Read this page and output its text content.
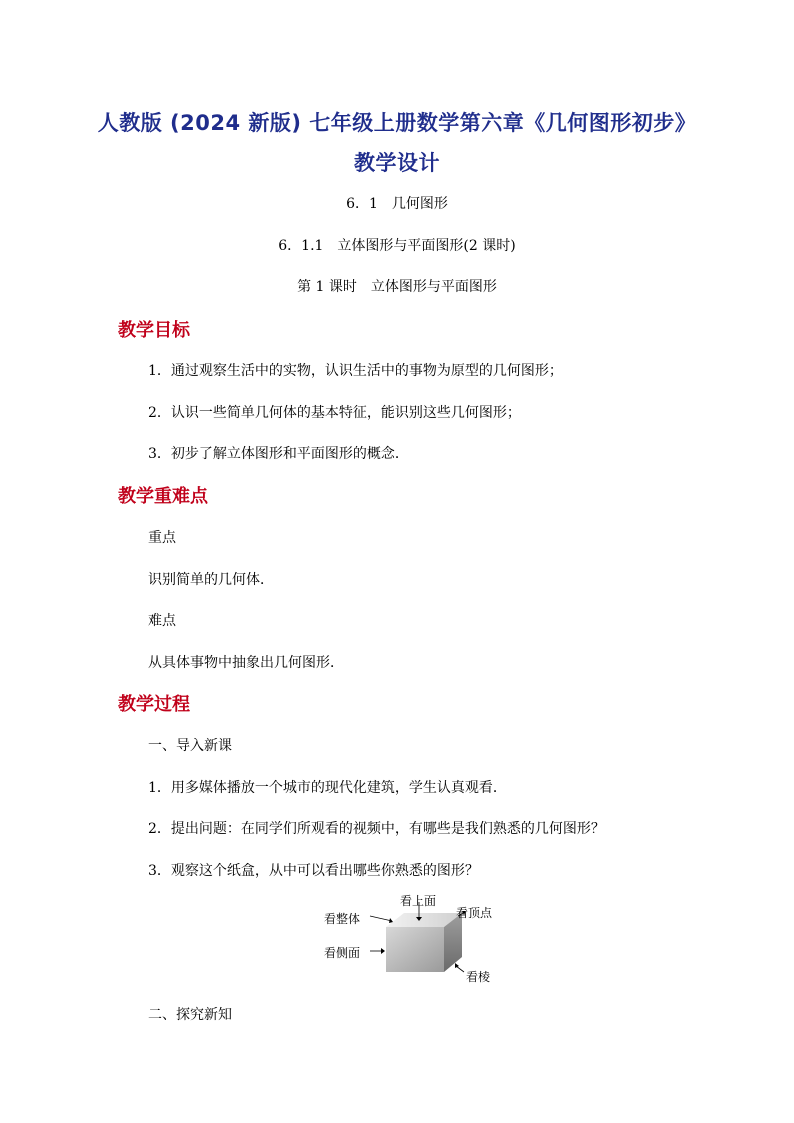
人教版 (2024 新版) 七年级上册数学第六章《几何图形初步》
教学设计
6．1　几何图形
6．1.1　立体图形与平面图形(2 课时)
第 1 课时　立体图形与平面图形
教学目标
1．通过观察生活中的实物，认识生活中的事物为原型的几何图形；
2．认识一些简单几何体的基本特征，能识别这些几何图形；
3．初步了解立体图形和平面图形的概念．
教学重难点
重点
识别简单的几何体．
难点
从具体事物中抽象出几何图形．
教学过程
一、导入新课
1．用多媒体播放一个城市的现代化建筑，学生认真观看．
2．提出问题：在同学们所观看的视频中，有哪些是我们熟悉的几何图形？
3．观察这个纸盒，从中可以看出哪些你熟悉的图形？
看上面
看整体	看顶点
看侧面
看棱
二、探究新知
